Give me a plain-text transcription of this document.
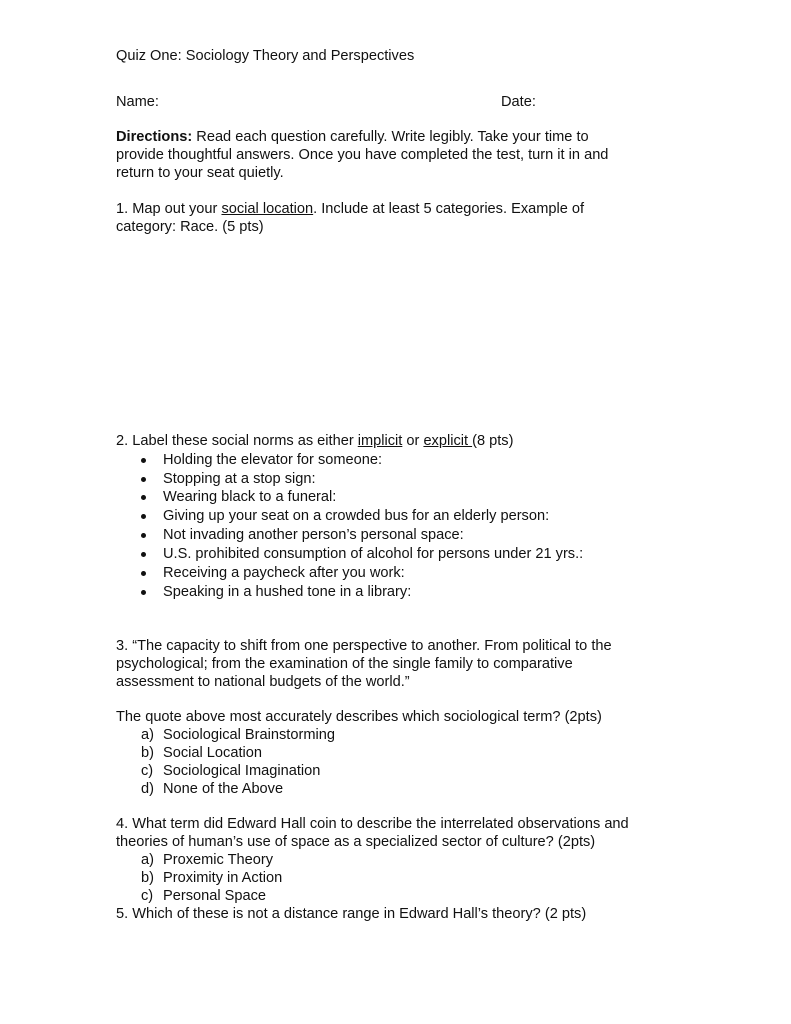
Quiz One: Sociology Theory and Perspectives
Name:	Date:
Directions: Read each question carefully. Write legibly. Take your time to
provide thoughtful answers. Once you have completed the test, turn it in and
return to your seat quietly.
1. Map out your social location. Include at least 5 categories. Example of
category: Race. (5 pts)
2. Label these social norms as either implicit or explicit (8 pts)
Holding the elevator for someone:
Stopping at a stop sign:
Wearing black to a funeral:
Giving up your seat on a crowded bus for an elderly person:
Not invading another person’s personal space:
U.S. prohibited consumption of alcohol for persons under 21 yrs.:
Receiving a paycheck after you work:
Speaking in a hushed tone in a library:
3. “The capacity to shift from one perspective to another. From political to the
psychological; from the examination of the single family to comparative
assessment to national budgets of the world.”
The quote above most accurately describes which sociological term? (2pts)
a) Sociological Brainstorming
b) Social Location
c) Sociological Imagination
d) None of the Above
4. What term did Edward Hall coin to describe the interrelated observations and
theories of human’s use of space as a specialized sector of culture? (2pts)
a) Proxemic Theory
b) Proximity in Action
c) Personal Space
5. Which of these is not a distance range in Edward Hall’s theory? (2 pts)
